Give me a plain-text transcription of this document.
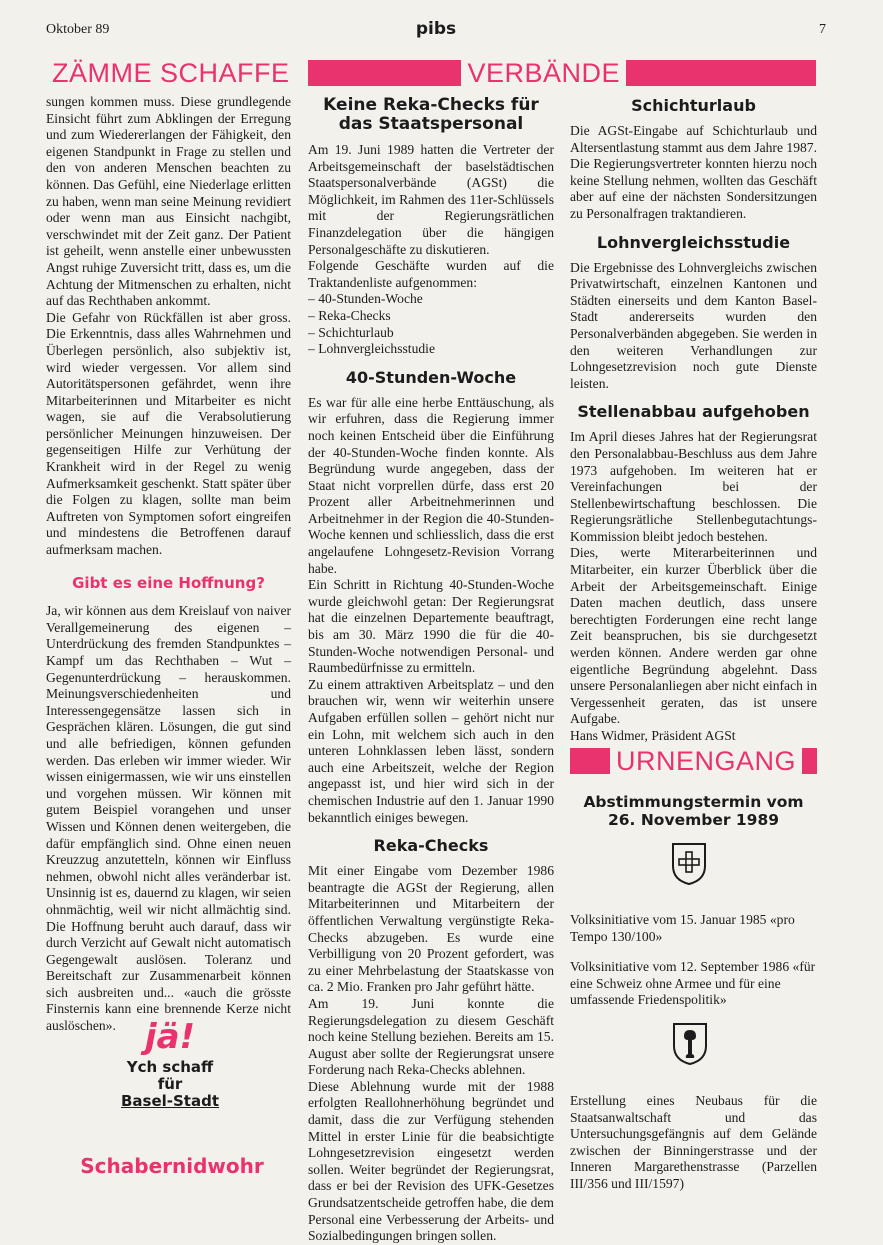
Oktober 89	pibs	7
ZÄMME SCHAFFE	VERBÄNDE

sungen kommen muss. Diese grundlegende Einsicht führt zum Abklingen der Erregung und zum Wiedererlangen der Fähigkeit, den eigenen Standpunkt in Frage zu stellen und den von anderen Menschen beachten zu können. Das Gefühl, eine Niederlage erlitten zu haben, wenn man seine Meinung revidiert oder wenn man aus Einsicht nachgibt, verschwindet mit der Zeit ganz. Der Patient ist geheilt, wenn anstelle einer unbewussten Angst ruhige Zuversicht tritt, dass es, um die Achtung der Mitmenschen zu erhalten, nicht auf das Rechthaben ankommt.

Die Gefahr von Rückfällen ist aber gross. Die Erkenntnis, dass alles Wahrnehmen und Überlegen persönlich, also subjektiv ist, wird wieder vergessen. Vor allem sind Autoritätspersonen gefährdet, wenn ihre Mitarbeiterinnen und Mitarbeiter es nicht wagen, sie auf die Verabsolutierung persönlicher Meinungen hinzuweisen. Der gegenseitigen Hilfe zur Verhütung der Krankheit wird in der Regel zu wenig Aufmerksamkeit geschenkt. Statt später über die Folgen zu klagen, sollte man beim Auftreten von Symptomen sofort eingreifen und mindestens die Betroffenen darauf aufmerksam machen.

Gibt es eine Hoffnung?

Ja, wir können aus dem Kreislauf von naiver Verallgemeinerung des eigenen – Unterdrückung des fremden Standpunktes – Kampf um das Rechthaben – Wut – Gegenunterdrückung – herauskommen. Meinungsverschiedenheiten und Interessengegensätze lassen sich in Gesprächen klären. Lösungen, die gut sind und alle befriedigen, können gefunden werden. Das erleben wir immer wieder. Wir wissen einigermassen, wie wir uns einstellen und vorgehen müssen. Wir können mit gutem Beispiel vorangehen und unser Wissen und Können denen weitergeben, die dafür empfänglich sind. Ohne einen neuen Kreuzzug anzutetteln, können wir Einfluss nehmen, obwohl nicht alles veränderbar ist. Unsinnig ist es, dauernd zu klagen, wir seien ohnmächtig, weil wir nicht allmächtig sind. Die Hoffnung beruht auch darauf, dass wir durch Verzicht auf Gewalt nicht automatisch Gegengewalt auslösen. Toleranz und Bereitschaft zur Zusammenarbeit können sich ausbreiten und... «auch die grösste Finsternis kann eine brennende Kerze nicht auslöschen». jä!
Ych schaff
für
Basel-Stadt
Schabernidwohr
Keine Reka-Checks für
das Staatspersonal

Am 19. Juni 1989 hatten die Vertreter der Arbeitsgemeinschaft der baselstädtischen Staatspersonalverbände (AGSt) die Möglichkeit, im Rahmen des 11er-Schlüssels mit der Regierungsrätlichen Finanzdelegation über die hängigen Personalgeschäfte zu diskutieren.

Folgende Geschäfte wurden auf die Traktandenliste aufgenommen:

– 40-Stunden-Woche
– Reka-Checks
– Schichturlaub
– Lohnvergleichsstudie
40-Stunden-Woche

Es war für alle eine herbe Enttäuschung, als wir erfuhren, dass die Regierung immer noch keinen Entscheid über die Einführung der 40-Stunden-Woche finden konnte. Als Begründung wurde angegeben, dass der Staat nicht vorprellen dürfe, dass erst 20 Prozent aller Arbeitnehmerinnen und Arbeitnehmer in der Region die 40-Stunden-Woche kennen und schliesslich, dass die erst angelaufene Lohngesetz-Revision Vorrang habe.

Ein Schritt in Richtung 40-Stunden-Woche wurde gleichwohl getan: Der Regierungsrat hat die einzelnen Departemente beauftragt, bis am 30. März 1990 die für die 40-Stunden-Woche notwendigen Personal- und Raumbedürfnisse zu ermitteln.

Zu einem attraktiven Arbeitsplatz – und den brauchen wir, wenn wir weiterhin unsere Aufgaben erfüllen sollen – gehört nicht nur ein Lohn, mit welchem sich auch in den unteren Lohnklassen leben lässt, sondern auch eine Arbeitszeit, welche der Region angepasst ist, und hier wird sich in der chemischen Industrie auf den 1. Januar 1990 bekanntlich einiges bewegen.

Reka-Checks

Mit einer Eingabe vom Dezember 1986 beantragte die AGSt der Regierung, allen Mitarbeiterinnen und Mitarbeitern der öffentlichen Verwaltung vergünstigte Reka-Checks abzugeben. Es wurde eine Verbilligung von 20 Prozent gefordert, was zu einer Mehrbelastung der Staatskasse von ca. 2 Mio. Franken pro Jahr geführt hätte.

Am 19. Juni konnte die Regierungsdelegation zu diesem Geschäft noch keine Stellung beziehen. Bereits am 15. August aber sollte der Regierungsrat unsere Forderung nach Reka-Checks ablehnen.

Diese Ablehnung wurde mit der 1988 erfolgten Reallohnerhöhung begründet und damit, dass die zur Verfügung stehenden Mittel in erster Linie für die beabsichtigte Lohngesetzrevision eingesetzt werden sollen. Weiter begründet der Regierungsrat, dass er bei der Revision des UFK-Gesetzes Grundsatzentscheide getroffen habe, die dem Personal eine Verbesserung der Arbeits- und Sozialbedingungen bringen sollen.

Schichturlaub

Die AGSt-Eingabe auf Schichturlaub und Altersentlastung stammt aus dem Jahre 1987. Die Regierungsvertreter konnten hierzu noch keine Stellung nehmen, wollten das Geschäft aber auf eine der nächsten Sondersitzungen zu Personalfragen traktandieren.

Lohnvergleichsstudie

Die Ergebnisse des Lohnvergleichs zwischen Privatwirtschaft, einzelnen Kantonen und Städten einerseits und dem Kanton Basel-Stadt andererseits wurden den Personalverbänden abgegeben. Sie werden in den weiteren Verhandlungen zur Lohngesetzrevision noch gute Dienste leisten.

Stellenabbau aufgehoben

Im April dieses Jahres hat der Regierungsrat den Personalabbau-Beschluss aus dem Jahre 1973 aufgehoben. Im weiteren hat er Vereinfachungen bei der Stellenbewirtschaftung beschlossen. Die Regierungsrätliche Stellenbegutachtungs-Kommission bleibt jedoch bestehen.

Dies, werte Miterarbeiterinnen und Mitarbeiter, ein kurzer Überblick über die Arbeit der Arbeitsgemeinschaft. Einige Daten machen deutlich, dass unsere berechtigten Forderungen eine recht lange Zeit beanspruchen, bis sie durchgesetzt werden können. Andere werden gar ohne eigentliche Begründung abgelehnt. Dass unsere Personalanliegen aber nicht einfach in Vergessenheit geraten, das ist unsere Aufgabe.

Hans Widmer, Präsident AGSt

URNENGANG
Abstimmungstermin vom
26. November 1989

Volksinitiative vom 15. Januar 1985 «pro Tempo 130/100»

Volksinitiative vom 12. September 1986 «für eine Schweiz ohne Armee und für eine umfassende Friedenspolitik»

Erstellung eines Neubaus für die Staatsanwaltschaft und das Untersuchungsgefängnis auf dem Gelände zwischen der Binningerstrasse und der Inneren Margarethenstrasse (Parzellen III/356 und III/1597)
